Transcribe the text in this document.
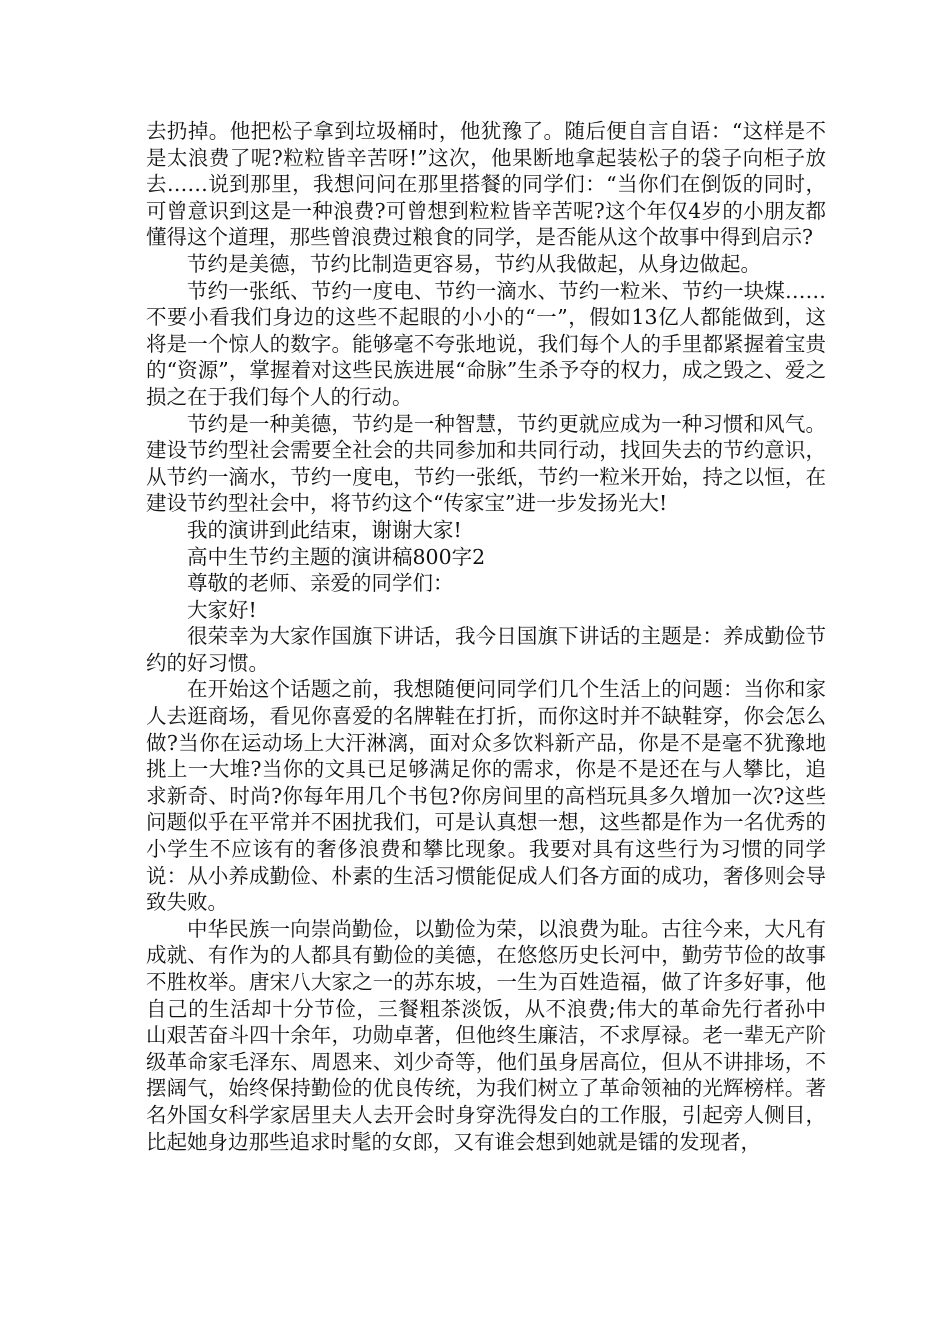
去扔掉。他把松子拿到垃圾桶时，他犹豫了。随后便自言自语：“这样是不是太浪费了呢?粒粒皆辛苦呀!”这次，他果断地拿起装松子的袋子向柜子放去……说到那里，我想问问在那里搭餐的同学们：“当你们在倒饭的同时，可曾意识到这是一种浪费?可曾想到粒粒皆辛苦呢?这个年仅4岁的小朋友都懂得这个道理，那些曾浪费过粮食的同学，是否能从这个故事中得到启示?

节约是美德，节约比制造更容易，节约从我做起，从身边做起。

节约一张纸、节约一度电、节约一滴水、节约一粒米、节约一块煤……不要小看我们身边的这些不起眼的小小的“一”，假如13亿人都能做到，这将是一个惊人的数字。能够毫不夸张地说，我们每个人的手里都紧握着宝贵的“资源”，掌握着对这些民族进展“命脉”生杀予夺的权力，成之毁之、爱之损之在于我们每个人的行动。

节约是一种美德，节约是一种智慧，节约更就应成为一种习惯和风气。建设节约型社会需要全社会的共同参加和共同行动，找回失去的节约意识，从节约一滴水，节约一度电，节约一张纸，节约一粒米开始，持之以恒，在建设节约型社会中，将节约这个“传家宝”进一步发扬光大!

我的演讲到此结束，谢谢大家!

高中生节约主题的演讲稿800字2

尊敬的老师、亲爱的同学们：

大家好!

很荣幸为大家作国旗下讲话，我今日国旗下讲话的主题是：养成勤俭节约的好习惯。

在开始这个话题之前，我想随便问同学们几个生活上的问题：当你和家人去逛商场，看见你喜爱的名牌鞋在打折，而你这时并不缺鞋穿，你会怎么做?当你在运动场上大汗淋漓，面对众多饮料新产品，你是不是毫不犹豫地挑上一大堆?当你的文具已足够满足你的需求，你是不是还在与人攀比，追求新奇、时尚?你每年用几个书包?你房间里的高档玩具多久增加一次?这些问题似乎在平常并不困扰我们，可是认真想一想，这些都是作为一名优秀的小学生不应该有的奢侈浪费和攀比现象。我要对具有这些行为习惯的同学说：从小养成勤俭、朴素的生活习惯能促成人们各方面的成功，奢侈则会导致失败。

中华民族一向崇尚勤俭，以勤俭为荣，以浪费为耻。古往今来，大凡有成就、有作为的人都具有勤俭的美德，在悠悠历史长河中，勤劳节俭的故事不胜枚举。唐宋八大家之一的苏东坡，一生为百姓造福，做了许多好事，他自己的生活却十分节俭，三餐粗茶淡饭，从不浪费;伟大的革命先行者孙中山艰苦奋斗四十余年，功勋卓著，但他终生廉洁，不求厚禄。老一辈无产阶级革命家毛泽东、周恩来、刘少奇等，他们虽身居高位，但从不讲排场，不摆阔气，始终保持勤俭的优良传统，为我们树立了革命领袖的光辉榜样。著名外国女科学家居里夫人去开会时身穿洗得发白的工作服，引起旁人侧目，比起她身边那些追求时髦的女郎，又有谁会想到她就是镭的发现者，
